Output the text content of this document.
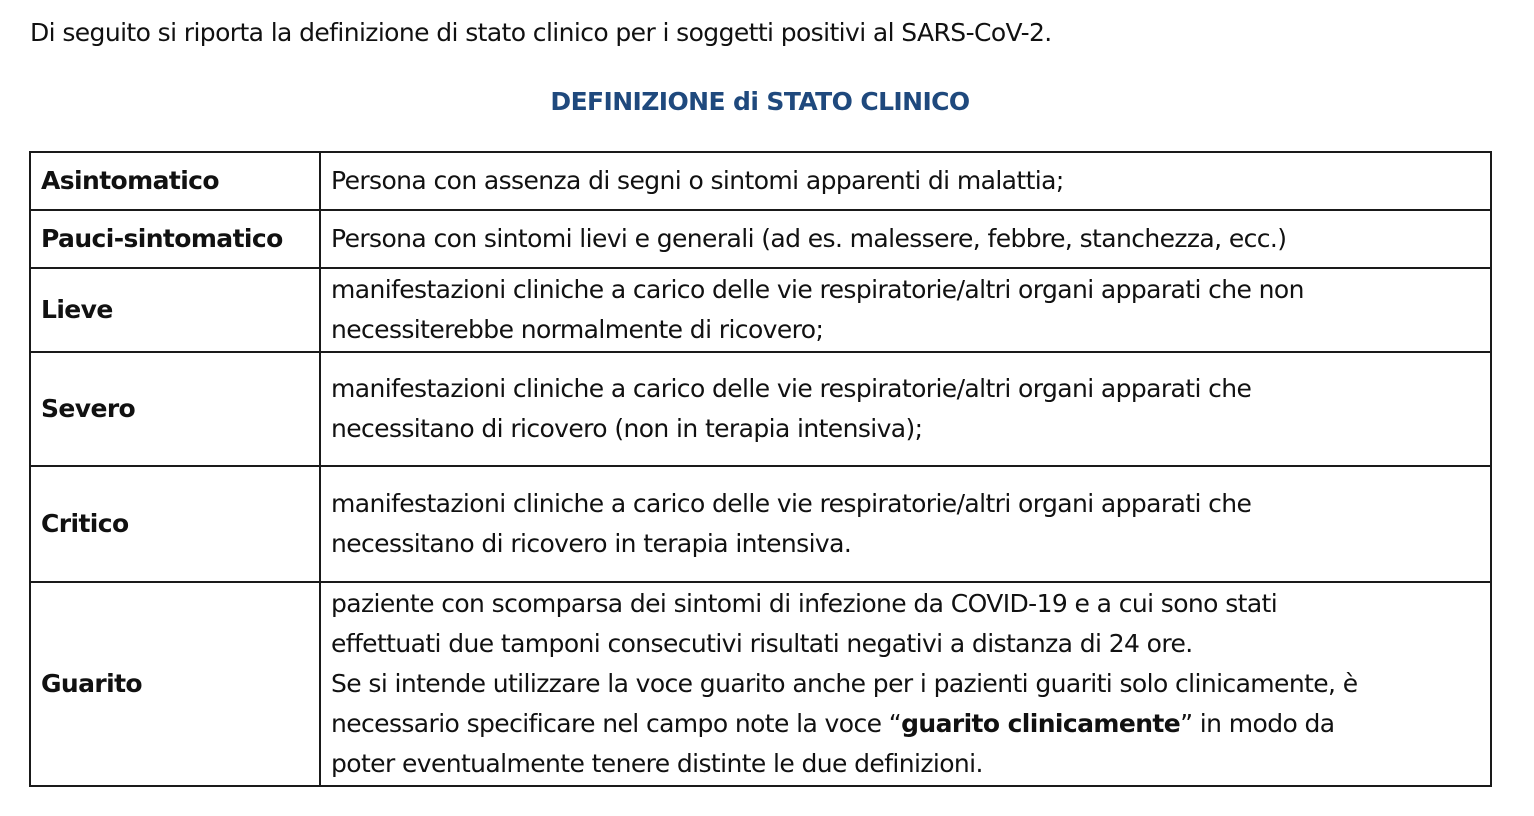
Di seguito si riporta la definizione di stato clinico per i soggetti positivi al SARS-CoV-2.
DEFINIZIONE di STATO CLINICO
Asintomatico	Persona con assenza di segni o sintomi apparenti di malattia;

Pauci-sintomatico	Persona con sintomi lievi e generali (ad es. malessere, febbre, stanchezza, ecc.)

Lieve	manifestazioni cliniche a carico delle vie respiratorie/altri organi apparati che non
necessiterebbe normalmente di ricovero;

Severo	manifestazioni cliniche a carico delle vie respiratorie/altri organi apparati che
necessitano di ricovero (non in terapia intensiva);

Critico	manifestazioni cliniche a carico delle vie respiratorie/altri organi apparati che
necessitano di ricovero in terapia intensiva.

Guarito	paziente con scomparsa dei sintomi di infezione da COVID-19 e a cui sono stati
effettuati due tamponi consecutivi risultati negativi a distanza di 24 ore.
Se si intende utilizzare la voce guarito anche per i pazienti guariti solo clinicamente, è
necessario specificare nel campo note la voce “guarito clinicamente” in modo da
poter eventualmente tenere distinte le due definizioni.
